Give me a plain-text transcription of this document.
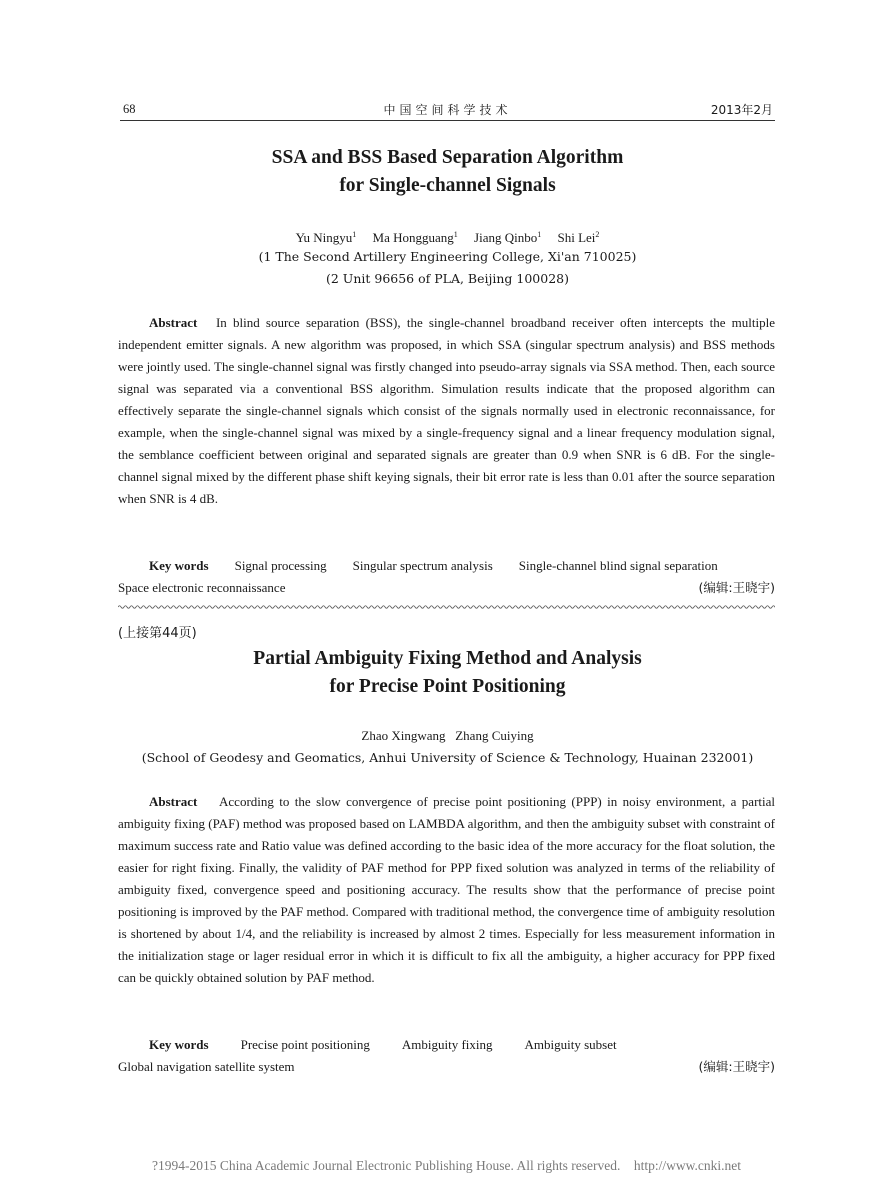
68	中国空间科学技术	2013年2月
SSA and BSS Based Separation Algorithm
for Single-channel Signals
Yu Ningyu$^1$ Ma Hongguang$^1$ Jiang Qinbo$^1$ Shi Lei$^2$
(1 The Second Artillery Engineering College, Xi'an 710025)
(2 Unit 96656 of PLA, Beijing 100028)

Abstract In blind source separation (BSS), the single-channel broadband receiver often intercepts the multiple independent emitter signals. A new algorithm was proposed, in which SSA (singular spectrum analysis) and BSS methods were jointly used. The single-channel signal was firstly changed into pseudo-array signals via SSA method. Then, each source signal was separated via a conventional BSS algorithm. Simulation results indicate that the proposed algorithm can effectively separate the single-channel signals which consist of the signals normally used in electronic reconnaissance, for example, when the single-channel signal was mixed by a single-frequency signal and a linear frequency modulation signal, the semblance coefficient between original and separated signals are greater than 0.9 when SNR is 6 dB. For the single-channel signal mixed by the different phase shift keying signals, their bit error rate is less than 0.01 after the source separation when SNR is 4 dB.

Key words Signal processing Singular spectrum analysis Single-channel blind signal separation
Space electronic reconnaissance	(编辑:王晓宇)
(上接第44页)
Partial Ambiguity Fixing Method and Analysis
for Precise Point Positioning
Zhao Xingwang   Zhang Cuiying
(School of Geodesy and Geomatics, Anhui University of Science & Technology, Huainan 232001)

Abstract According to the slow convergence of precise point positioning (PPP) in noisy environment, a partial ambiguity fixing (PAF) method was proposed based on LAMBDA algorithm, and then the ambiguity subset with constraint of maximum success rate and Ratio value was defined according to the basic idea of the more accuracy for the float solution, the easier for right fixing. Finally, the validity of PAF method for PPP fixed solution was analyzed in terms of the reliability of ambiguity fixed, convergence speed and positioning accuracy. The results show that the performance of precise point positioning is improved by the PAF method. Compared with traditional method, the convergence time of ambiguity resolution is shortened by about 1/4, and the reliability is increased by almost 2 times. Especially for less measurement information in the initialization stage or lager residual error in which it is difficult to fix all the ambiguity, a higher accuracy for PPP fixed can be quickly obtained solution by PAF method.

Key words Precise point positioning Ambiguity fixing Ambiguity subset
Global navigation satellite system	(编辑:王晓宇)
?1994-2015 China Academic Journal Electronic Publishing House. All rights reserved.    http://www.cnki.net
